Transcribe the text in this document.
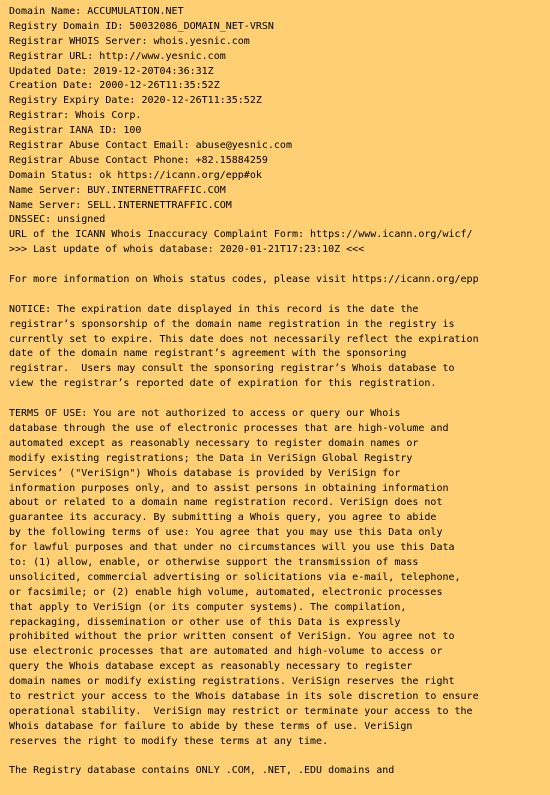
Domain Name: ACCUMULATION.NET
Registry Domain ID: 50032086_DOMAIN_NET-VRSN
Registrar WHOIS Server: whois.yesnic.com
Registrar URL: http://www.yesnic.com
Updated Date: 2019-12-20T04:36:31Z
Creation Date: 2000-12-26T11:35:52Z
Registry Expiry Date: 2020-12-26T11:35:52Z
Registrar: Whois Corp.
Registrar IANA ID: 100
Registrar Abuse Contact Email: abuse@yesnic.com
Registrar Abuse Contact Phone: +82.15884259
Domain Status: ok https://icann.org/epp#ok
Name Server: BUY.INTERNETTRAFFIC.COM
Name Server: SELL.INTERNETTRAFFIC.COM
DNSSEC: unsigned
URL of the ICANN Whois Inaccuracy Complaint Form: https://www.icann.org/wicf/
>>> Last update of whois database: 2020-01-21T17:23:10Z <<<
For more information on Whois status codes, please visit https://icann.org/epp
NOTICE: The expiration date displayed in this record is the date the
registrar’s sponsorship of the domain name registration in the registry is
currently set to expire. This date does not necessarily reflect the expiration
date of the domain name registrant’s agreement with the sponsoring
registrar.  Users may consult the sponsoring registrar’s Whois database to
view the registrar’s reported date of expiration for this registration.
TERMS OF USE: You are not authorized to access or query our Whois
database through the use of electronic processes that are high-volume and
automated except as reasonably necessary to register domain names or
modify existing registrations; the Data in VeriSign Global Registry
Services’ ("VeriSign") Whois database is provided by VeriSign for
information purposes only, and to assist persons in obtaining information
about or related to a domain name registration record. VeriSign does not
guarantee its accuracy. By submitting a Whois query, you agree to abide
by the following terms of use: You agree that you may use this Data only
for lawful purposes and that under no circumstances will you use this Data
to: (1) allow, enable, or otherwise support the transmission of mass
unsolicited, commercial advertising or solicitations via e-mail, telephone,
or facsimile; or (2) enable high volume, automated, electronic processes
that apply to VeriSign (or its computer systems). The compilation,
repackaging, dissemination or other use of this Data is expressly
prohibited without the prior written consent of VeriSign. You agree not to
use electronic processes that are automated and high-volume to access or
query the Whois database except as reasonably necessary to register
domain names or modify existing registrations. VeriSign reserves the right
to restrict your access to the Whois database in its sole discretion to ensure
operational stability.  VeriSign may restrict or terminate your access to the
Whois database for failure to abide by these terms of use. VeriSign
reserves the right to modify these terms at any time.
The Registry database contains ONLY .COM, .NET, .EDU domains and
